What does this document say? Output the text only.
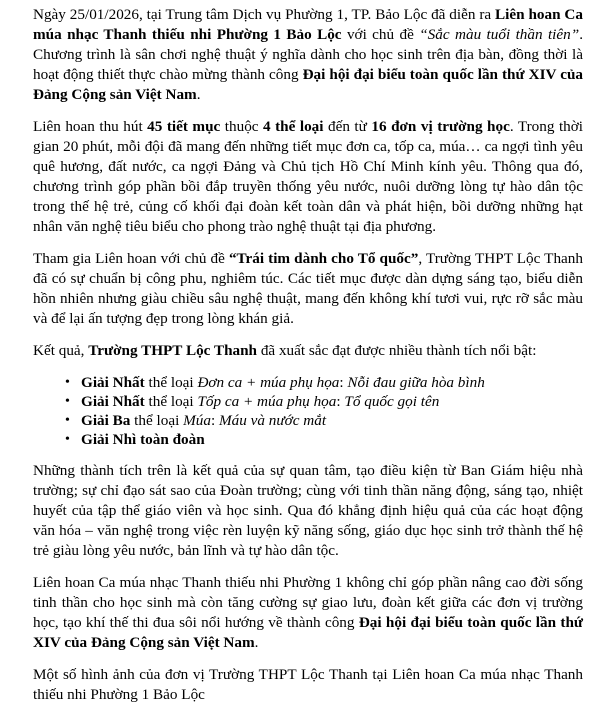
Ngày 25/01/2026, tại Trung tâm Dịch vụ Phường 1, TP. Bảo Lộc đã diễn ra Liên hoan Ca múa nhạc Thanh thiếu nhi Phường 1 Bảo Lộc với chủ đề “Sắc màu tuổi thần tiên”. Chương trình là sân chơi nghệ thuật ý nghĩa dành cho học sinh trên địa bàn, đồng thời là hoạt động thiết thực chào mừng thành công Đại hội đại biểu toàn quốc lần thứ XIV của Đảng Cộng sản Việt Nam.

Liên hoan thu hút 45 tiết mục thuộc 4 thể loại đến từ 16 đơn vị trường học. Trong thời gian 20 phút, mỗi đội đã mang đến những tiết mục đơn ca, tốp ca, múa… ca ngợi tình yêu quê hương, đất nước, ca ngợi Đảng và Chủ tịch Hồ Chí Minh kính yêu. Thông qua đó, chương trình góp phần bồi đắp truyền thống yêu nước, nuôi dưỡng lòng tự hào dân tộc trong thế hệ trẻ, củng cố khối đại đoàn kết toàn dân và phát hiện, bồi dưỡng những hạt nhân văn nghệ tiêu biểu cho phong trào nghệ thuật tại địa phương.

Tham gia Liên hoan với chủ đề “Trái tim dành cho Tổ quốc”, Trường THPT Lộc Thanh đã có sự chuẩn bị công phu, nghiêm túc. Các tiết mục được dàn dựng sáng tạo, biểu diễn hồn nhiên nhưng giàu chiều sâu nghệ thuật, mang đến không khí tươi vui, rực rỡ sắc màu và để lại ấn tượng đẹp trong lòng khán giả.

Kết quả, Trường THPT Lộc Thanh đã xuất sắc đạt được nhiều thành tích nổi bật:

• Giải Nhất thể loại Đơn ca + múa phụ họa: Nỗi đau giữa hòa bình
• Giải Nhất thể loại Tốp ca + múa phụ họa: Tổ quốc gọi tên
• Giải Ba thể loại Múa: Máu và nước mắt
• Giải Nhì toàn đoàn

Những thành tích trên là kết quả của sự quan tâm, tạo điều kiện từ Ban Giám hiệu nhà trường; sự chỉ đạo sát sao của Đoàn trường; cùng với tinh thần năng động, sáng tạo, nhiệt huyết của tập thể giáo viên và học sinh. Qua đó khẳng định hiệu quả của các hoạt động văn hóa – văn nghệ trong việc rèn luyện kỹ năng sống, giáo dục học sinh trở thành thế hệ trẻ giàu lòng yêu nước, bản lĩnh và tự hào dân tộc.

Liên hoan Ca múa nhạc Thanh thiếu nhi Phường 1 không chỉ góp phần nâng cao đời sống tinh thần cho học sinh mà còn tăng cường sự giao lưu, đoàn kết giữa các đơn vị trường học, tạo khí thế thi đua sôi nổi hướng về thành công Đại hội đại biểu toàn quốc lần thứ XIV của Đảng Cộng sản Việt Nam.

Một số hình ảnh của đơn vị Trường THPT Lộc Thanh tại Liên hoan Ca múa nhạc Thanh thiếu nhi Phường 1 Bảo Lộc
